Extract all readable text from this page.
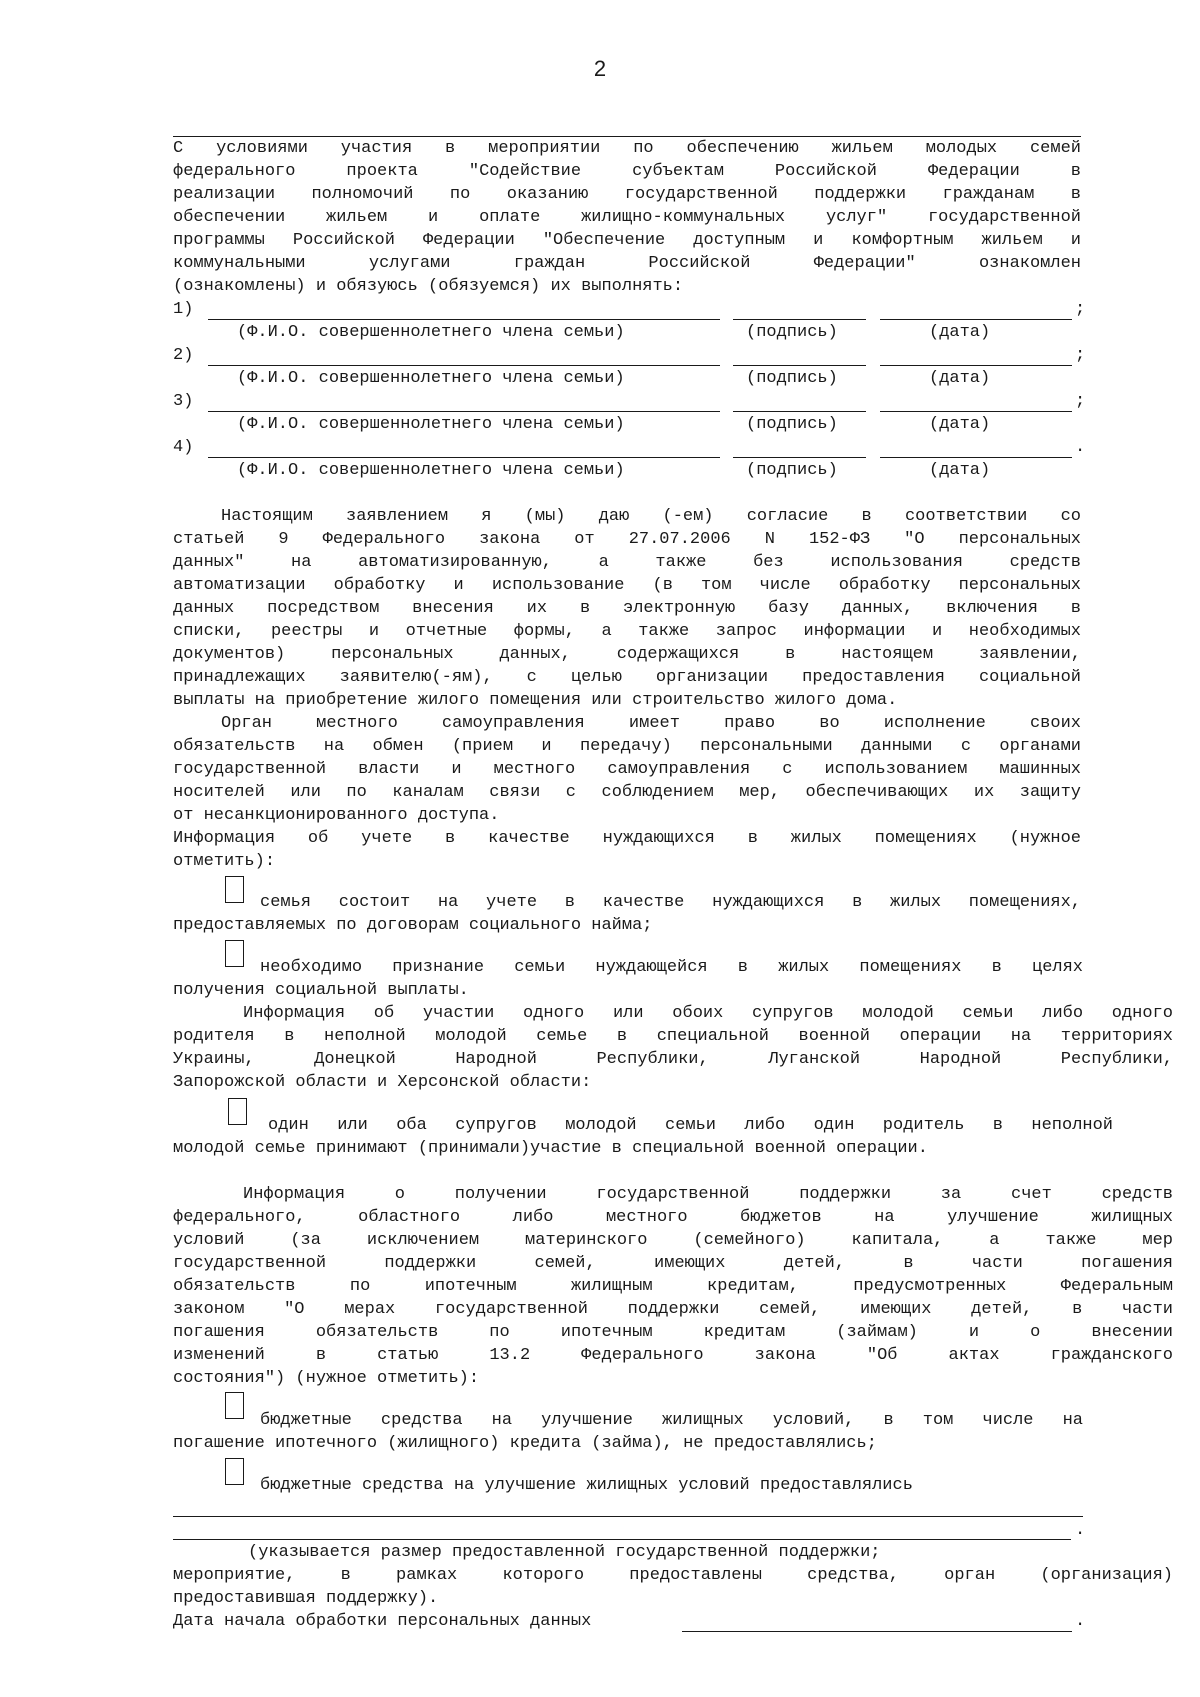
2
С условиями участия в мероприятии по обеспечению жильем молодых семей
федерального проекта "Содействие субъектам Российской Федерации в
реализации полномочий по оказанию государственной поддержки гражданам в
обеспечении жильем и оплате жилищно-коммунальных услуг" государственной
программы Российской Федерации "Обеспечение доступным и комфортным жильем и
коммунальными услугами граждан Российской Федерации" ознакомлен
(ознакомлены) и обязуюсь (обязуемся) их выполнять:
1)	;
(Ф.И.О. совершеннолетнего члена семьи)	(подпись)	(дата)
2)	;
(Ф.И.О. совершеннолетнего члена семьи)	(подпись)	(дата)
3)	;
(Ф.И.О. совершеннолетнего члена семьи)	(подпись)	(дата)
4)	.
(Ф.И.О. совершеннолетнего члена семьи)	(подпись)	(дата)
Настоящим заявлением я (мы) даю (-ем) согласие в соответствии со
статьей 9 Федерального закона от 27.07.2006 N 152-ФЗ "О персональных
данных" на автоматизированную, а также без использования средств
автоматизации обработку и использование (в том числе обработку персональных
данных посредством внесения их в электронную базу данных, включения в
списки, реестры и отчетные формы, а также запрос информации и необходимых
документов) персональных данных, содержащихся в настоящем заявлении,
принадлежащих заявителю(-ям), с целью организации предоставления социальной
выплаты на приобретение жилого помещения или строительство жилого дома.
Орган местного самоуправления имеет право во исполнение своих
обязательств на обмен (прием и передачу) персональными данными с органами
государственной власти и местного самоуправления с использованием машинных
носителей или по каналам связи с соблюдением мер, обеспечивающих их защиту
от несанкционированного доступа.
Информация об учете в качестве нуждающихся в жилых помещениях (нужное
отметить):
семья состоит на учете в качестве нуждающихся в жилых помещениях,
предоставляемых по договорам социального найма;
необходимо признание семьи нуждающейся в жилых помещениях в целях
получения социальной выплаты.
Информация об участии одного или обоих супругов молодой семьи либо одного
родителя в неполной молодой семье в специальной военной операции на территориях
Украины, Донецкой Народной Республики, Луганской Народной Республики,
Запорожской области и Херсонской области:
один или оба супругов молодой семьи либо один родитель в неполной
молодой семье принимают (принимали)участие в специальной военной операции.
Информация о получении государственной поддержки за счет средств
федерального, областного либо местного бюджетов на улучшение жилищных
условий (за исключением материнского (семейного) капитала, а также мер
государственной поддержки семей, имеющих детей, в части погашения
обязательств по ипотечным жилищным кредитам, предусмотренных Федеральным
законом "О мерах государственной поддержки семей, имеющих детей, в части
погашения обязательств по ипотечным кредитам (займам) и о внесении
изменений в статью 13.2 Федерального закона "Об актах гражданского
состояния") (нужное отметить):
бюджетные средства на улучшение жилищных условий, в том числе на
погашение ипотечного (жилищного) кредита (займа), не предоставлялись;
бюджетные средства на улучшение жилищных условий предоставлялись
.
(указывается размер предоставленной государственной поддержки;
мероприятие, в рамках которого предоставлены средства, орган (организация)
предоставившая поддержку).
Дата начала обработки персональных данных	.
